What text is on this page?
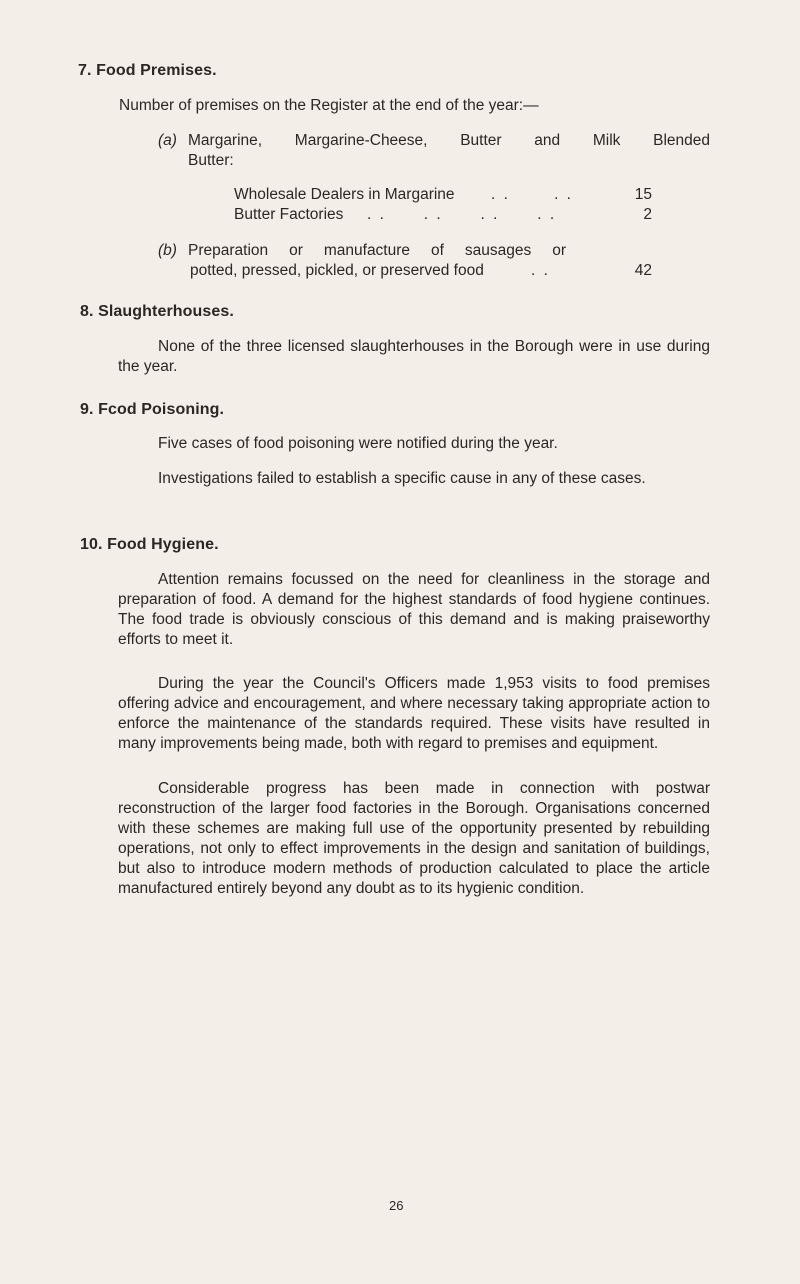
7. Food Premises.
Number of premises on the Register at the end of the year:—
(a) Margarine, Margarine-Cheese, Butter and Milk Blended
Butter:
Wholesale Dealers in Margarine . .       . .	15
Butter Factories . .      . .      . .      . .	2
(b) Preparation or manufacture of sausages or
potted, pressed, pickled, or preserved food	. .	42
8. Slaughterhouses.
None of the three licensed slaughterhouses in the Borough were in use during the year.
9. Fcod Poisoning.
Five cases of food poisoning were notified during the year.
Investigations failed to establish a specific cause in any of these cases.
10. Food Hygiene.
Attention remains focussed on the need for cleanliness in the storage and preparation of food. A demand for the highest standards of food hygiene continues. The food trade is obviously conscious of this demand and is making praiseworthy efforts to meet it.
During the year the Council's Officers made 1,953 visits to food premises offering advice and encouragement, and where necessary taking appropriate action to enforce the maintenance of the standards required. These visits have resulted in many improvements being made, both with regard to premises and equipment.
Considerable progress has been made in connection with postwar reconstruction of the larger food factories in the Borough. Organisations concerned with these schemes are making full use of the opportunity presented by rebuilding operations, not only to effect improvements in the design and sanitation of buildings, but also to introduce modern methods of production calculated to place the article manufactured entirely beyond any doubt as to its hygienic condition.
26
